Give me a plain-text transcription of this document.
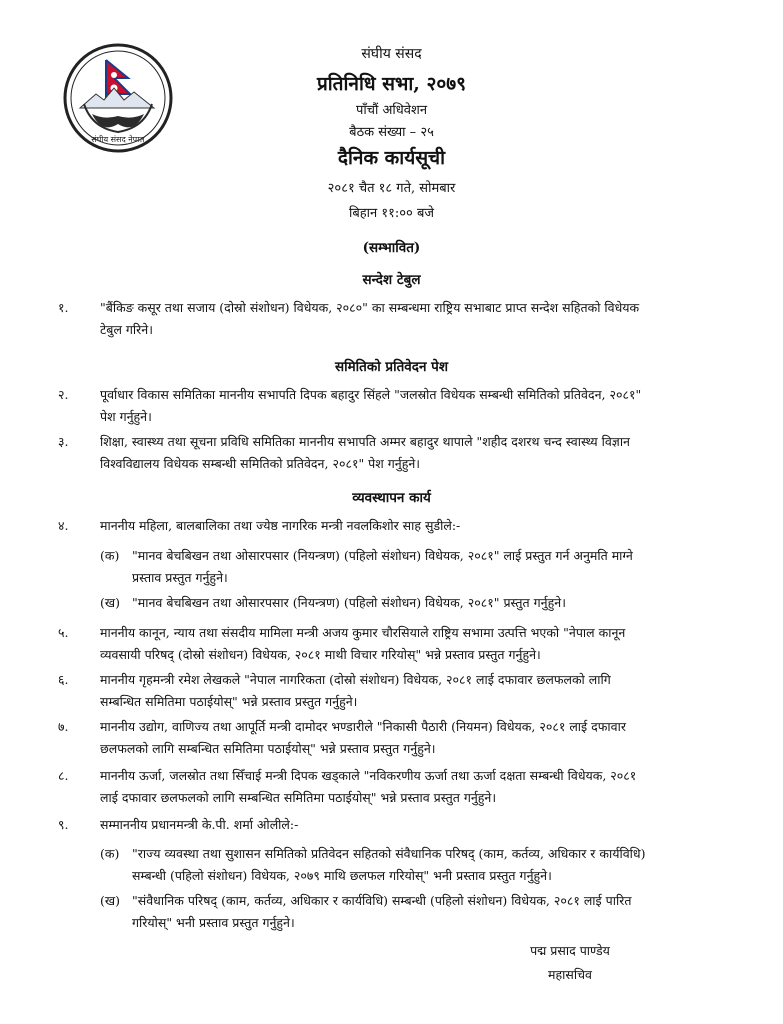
संघीय संसद नेपाल
संघीय संसद
प्रतिनिधि सभा, २०७९
पाँचौं अधिवेशन
बैठक संख्या – २५
दैनिक कार्यसूची
२०८१ चैत १८ गते, सोमबार
बिहान ११:०० बजे
(सम्भावित)
सन्देश टेबुल
१.	"बैंकिङ कसूर तथा सजाय (दोस्रो संशोधन) विधेयक, २०८०" का सम्बन्धमा राष्ट्रिय सभाबाट प्राप्त सन्देश सहितको विधेयक
टेबुल गरिने।
समितिको प्रतिवेदन पेश
२.	पूर्वाधार विकास समितिका माननीय सभापति दिपक बहादुर सिंहले "जलस्रोत विधेयक सम्बन्धी समितिको प्रतिवेदन, २०८१"
पेश गर्नुहुने।
३.	शिक्षा, स्वास्थ्य तथा सूचना प्रविधि समितिका माननीय सभापति अम्मर बहादुर थापाले "शहीद दशरथ चन्द स्वास्थ्य विज्ञान
विश्वविद्यालय विधेयक सम्बन्धी समितिको प्रतिवेदन, २०८१" पेश गर्नुहुने।
व्यवस्थापन कार्य
४.	माननीय महिला, बालबालिका तथा ज्येष्ठ नागरिक मन्त्री नवलकिशोर साह सुडीले:-
(क)	"मानव बेचबिखन तथा ओसारपसार (नियन्त्रण) (पहिलो संशोधन) विधेयक, २०८१" लाई प्रस्तुत गर्न अनुमति माग्ने
प्रस्ताव प्रस्तुत गर्नुहुने।
(ख) "मानव बेचबिखन तथा ओसारपसार (नियन्त्रण) (पहिलो संशोधन) विधेयक, २०८१" प्रस्तुत गर्नुहुने।
५.	माननीय कानून, न्याय तथा संसदीय मामिला मन्त्री अजय कुमार चौरसियाले राष्ट्रिय सभामा उत्पत्ति भएको "नेपाल कानून
व्यवसायी परिषद् (दोस्रो संशोधन) विधेयक, २०८१ माथी विचार गरियोस्" भन्ने प्रस्ताव प्रस्तुत गर्नुहुने।
६.	माननीय गृहमन्त्री रमेश लेखकले "नेपाल नागरिकता (दोस्रो संशोधन) विधेयक, २०८१ लाई दफावार छलफलको लागि
सम्बन्धित समितिमा पठाईयोस्" भन्ने प्रस्ताव प्रस्तुत गर्नुहुने।
७.	माननीय उद्योग, वाणिज्य तथा आपूर्ति मन्त्री दामोदर भण्डारीले "निकासी पैठारी (नियमन) विधेयक, २०८१ लाई दफावार
छलफलको लागि सम्बन्धित समितिमा पठाईयोस्" भन्ने प्रस्ताव प्रस्तुत गर्नुहुने।
८.	माननीय ऊर्जा, जलस्रोत तथा सिँचाई मन्त्री दिपक खड्काले "नविकरणीय ऊर्जा तथा ऊर्जा दक्षता सम्बन्धी विधेयक, २०८१
लाई दफावार छलफलको लागि सम्बन्धित समितिमा पठाईयोस्" भन्ने प्रस्ताव प्रस्तुत गर्नुहुने।
९.	सम्माननीय प्रधानमन्त्री के.पी. शर्मा ओलीले:-
(क)	"राज्य व्यवस्था तथा सुशासन समितिको प्रतिवेदन सहितको संवैधानिक परिषद् (काम, कर्तव्य, अधिकार र कार्यविधि)
सम्बन्धी (पहिलो संशोधन) विधेयक, २०७९ माथि छलफल गरियोस्" भनी प्रस्ताव प्रस्तुत गर्नुहुने।
(ख) "संवैधानिक परिषद् (काम, कर्तव्य, अधिकार र कार्यविधि) सम्बन्धी (पहिलो संशोधन) विधेयक, २०८१ लाई पारित
गरियोस्" भनी प्रस्ताव प्रस्तुत गर्नुहुने।
पद्म प्रसाद पाण्डेय
महासचिव
